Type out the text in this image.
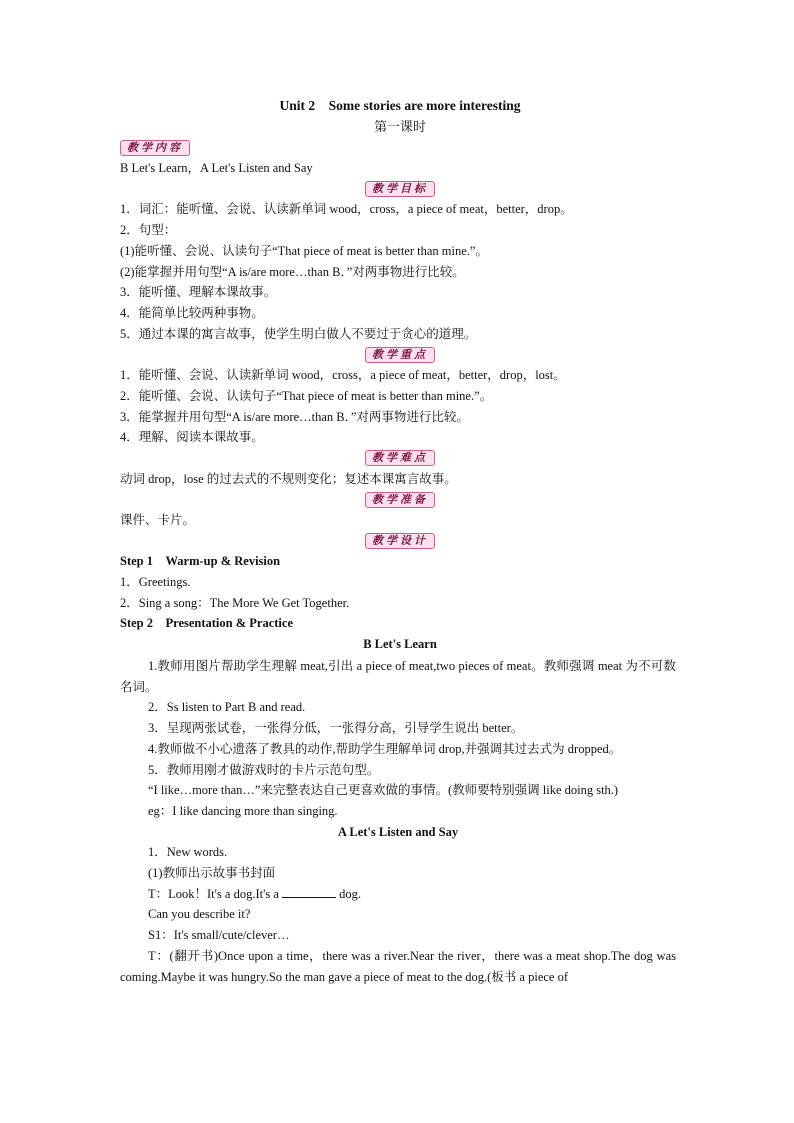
Unit 2　Some stories are more interesting
第一课时
教学内容
B Let's Learn，A Let's Listen and Say
教学目标
1．词汇：能听懂、会说、认读新单词 wood，cross，a piece of meat，better，drop。
2．句型：
(1)能听懂、会说、认读句子“That piece of meat is better than mine.”。
(2)能掌握并用句型“A is/are more…than B．”对两事物进行比较。
3．能听懂、理解本课故事。
4．能简单比较两种事物。
5．通过本课的寓言故事，使学生明白做人不要过于贪心的道理。
教学重点
1．能听懂、会说、认读新单词 wood，cross，a piece of meat，better，drop，lost。
2．能听懂、会说、认读句子“That piece of meat is better than mine.”。
3．能掌握并用句型“A is/are more…than B．”对两事物进行比较。
4．理解、阅读本课故事。
教学难点
动词 drop，lose 的过去式的不规则变化；复述本课寓言故事。
教学准备
课件、卡片。
教学设计
Step 1　Warm-up & Revision
1．Greetings.
2．Sing a song：The More We Get Together.
Step 2　Presentation & Practice
B Let's Learn
1.教师用图片帮助学生理解 meat,引出 a piece of meat,two pieces of meat。教师强调 meat 为不可数名词。
2．Ss listen to Part B and read.
3．呈现两张试卷，一张得分低，一张得分高，引导学生说出 better。
4.教师做不小心遗落了教具的动作,帮助学生理解单词 drop,并强调其过去式为 dropped。
5．教师用刚才做游戏时的卡片示范句型。
“I like…more than…”来完整表达自己更喜欢做的事情。(教师要特别强调 like doing sth.)
eg：I like dancing more than singing.
A Let's Listen and Say
1．New words.
(1)教师出示故事书封面
T：Look！It's a dog.It's a	dog.
Can you describe it?
S1：It's small/cute/clever…
T：(翻开书)Once upon a time，there was a river.Near the river，there was a meat shop.The dog was coming.Maybe it was hungry.So the man gave a piece of meat to the dog.(板书 a piece of
